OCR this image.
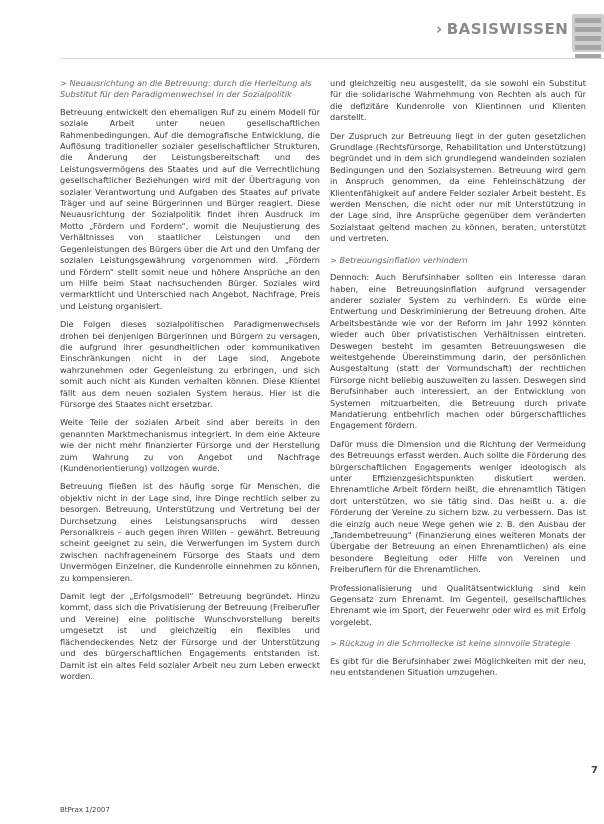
› BASISWISSEN
> Neuausrichtung an die Betreuung: durch die Herleitung als Substitut für den Paradigmenwechsel in der Sozialpolitik

Betreuung entwickelt den ehemaligen Ruf zu einem Modell für soziale Arbeit unter neuen gesellschaftlichen Rahmenbedingungen. Auf die demografische Entwicklung, die Auflösung traditioneller sozialer gesellschaftlicher Strukturen, die Änderung der Leistungsbereitschaft und des Leistungsvermögens des Staates und auf die Verrechtlichung gesellschaftlicher Beziehungen wird mit der Übertragung von sozialer Verantwortung und Aufgaben des Staates auf private Träger und auf seine Bürgerinnen und Bürger reagiert. Diese Neuausrichtung der Sozialpolitik findet ihren Ausdruck im Motto „Fördern und Fordern“, womit die Neujustierung des Verhältnisses von staatlicher Leistungen und den Gegenleistungen des Bürgers über die Art und den Umfang der sozialen Leistungsgewährung vorgenommen wird. „Fördern und Fördern“ stellt somit neue und höhere Ansprüche an den um Hilfe beim Staat nachsuchenden Bürger. Soziales wird vermarktlicht und Unterschied nach Angebot, Nachfrage, Preis und Leistung organisiert.

Die Folgen dieses sozialpolitischen Paradigmenwechsels drohen bei denjenigen Bürgerinnen und Bürgern zu versagen, die aufgrund ihrer gesundheitlichen oder kommunikativen Einschränkungen nicht in der Lage sind, Angebote wahrzunehmen oder Gegenleistung zu erbringen, und sich somit auch nicht als Kunden verhalten können. Diese Klientel fällt aus dem neuen sozialen System heraus. Hier ist die Fürsorge des Staates nicht ersetzbar.

Weite Teile der sozialen Arbeit sind aber bereits in den genannten Marktmechanismus integriert. In dem eine Akteure wie der nicht mehr finanzierter Fürsorge und der Herstellung zum Wahrung zu von Angebot und Nachfrage (Kundenorientierung) vollzogen wurde.

Betreuung fließen ist des häufig sorge für Menschen, die objektiv nicht in der Lage sind, ihre Dinge rechtlich selber zu besorgen. Betreuung, Unterstützung und Vertretung bei der Durchsetzung eines Leistungsanspruchs wird dessen Personalkreis – auch gegen ihren Willen – gewährt. Betreuung scheint geeignet zu sein, die Verwerfungen im System durch zwischen nachfrageneinem Fürsorge des Staats und dem Unvermögen Einzelner, die Kundenrolle einnehmen zu können, zu kompensieren.

Damit legt der „Erfolgsmodell“ Betreuung begründet. Hinzu kommt, dass sich die Privatisierung der Betreuung (Freiberufler und Vereine) eine politische Wunschvorstellung bereits umgesetzt ist und gleichzeitig ein flexibles und flächendeckendes Netz der Fürsorge und der Unterstützung und des bürgerschaftlichen Engagements entstanden ist. Damit ist ein altes Feld sozialer Arbeit neu zum Leben erweckt worden.

und gleichzeitig neu ausgestellt, da sie sowohl ein Substitut für die solidarische Wahrnehmung von Rechten als auch für die defizitäre Kundenrolle von Klientinnen und Klienten darstellt.

Der Zuspruch zur Betreuung liegt in der guten gesetzlichen Grundlage (Rechtsfürsorge, Rehabilitation und Unterstützung) begründet und in dem sich grundlegend wandelnden sozialen Bedingungen und den Sozialsystemen. Betreuung wird gern in Anspruch genommen, da eine Fehleinschätzung der Klientenfähigkeit auf andere Felder sozialer Arbeit besteht. Es werden Menschen, die nicht oder nur mit Unterstützung in der Lage sind, ihre Ansprüche gegenüber dem veränderten Sozialstaat geltend machen zu können, beraten, unterstützt und vertreten.

> Betreuungsinflation verhindern

Dennoch: Auch Berufsinhaber sollten ein Interesse daran haben, eine Betreuungsinflation aufgrund versagender anderer sozialer System zu verhindern. Es würde eine Entwertung und Deskriminierung der Betreuung drohen. Alte Arbeitsbestände wie vor der Reform im Jahr 1992 könnten wieder auch über privatistischen Verhältnissen eintreten. Deswegen besteht im gesamten Betreuungswesen die weitestgehende Übereinstimmung darin, der persönlichen Ausgestaltung (statt der Vormundschaft) der rechtlichen Fürsorge nicht beliebig auszuweiten zu lassen. Deswegen sind Berufsinhaber auch interessiert, an der Entwicklung von Systemen mitzuarbeiten, die Betreuung durch private Mandatierung entbehrlich machen oder bürgerschaftliches Engagement fördern.

Dafür muss die Dimension und die Richtung der Vermeidung des Betreuungs erfasst werden. Auch sollte die Förderung des bürgerschaftlichen Engagements weniger ideologisch als unter Effizienzgesichtspunkten diskutiert werden. Ehrenamtliche Arbeit fördern heißt, die ehrenamtlich Tätigen dort unterstützen, wo sie tätig sind. Das heißt u. a. die Förderung der Vereine zu sichern bzw. zu verbessern. Das ist die einzig auch neue Wege gehen wie z. B. den Ausbau der „Tandembetreuung“ (Finanzierung eines weiteren Monats der Übergabe der Betreuung an einen Ehrenamtlichen) als eine besondere Begleitung oder Hilfe von Vereinen und Freiberuflern für die Ehrenamtlichen.

Professionalisierung und Qualitätsentwicklung sind kein Gegensatz zum Ehrenamt. Im Gegenteil, gesellschaftliches Ehrenamt wie im Sport, der Feuerwehr oder wird es mit Erfolg vorgelebt.

> Rückzug in die Schmollecke ist keine sinnvolle Strategie

Es gibt für die Berufsinhaber zwei Möglichkeiten mit der neu, neu entstandenen Situation umzugehen.

BtPrax 1/2007
7
